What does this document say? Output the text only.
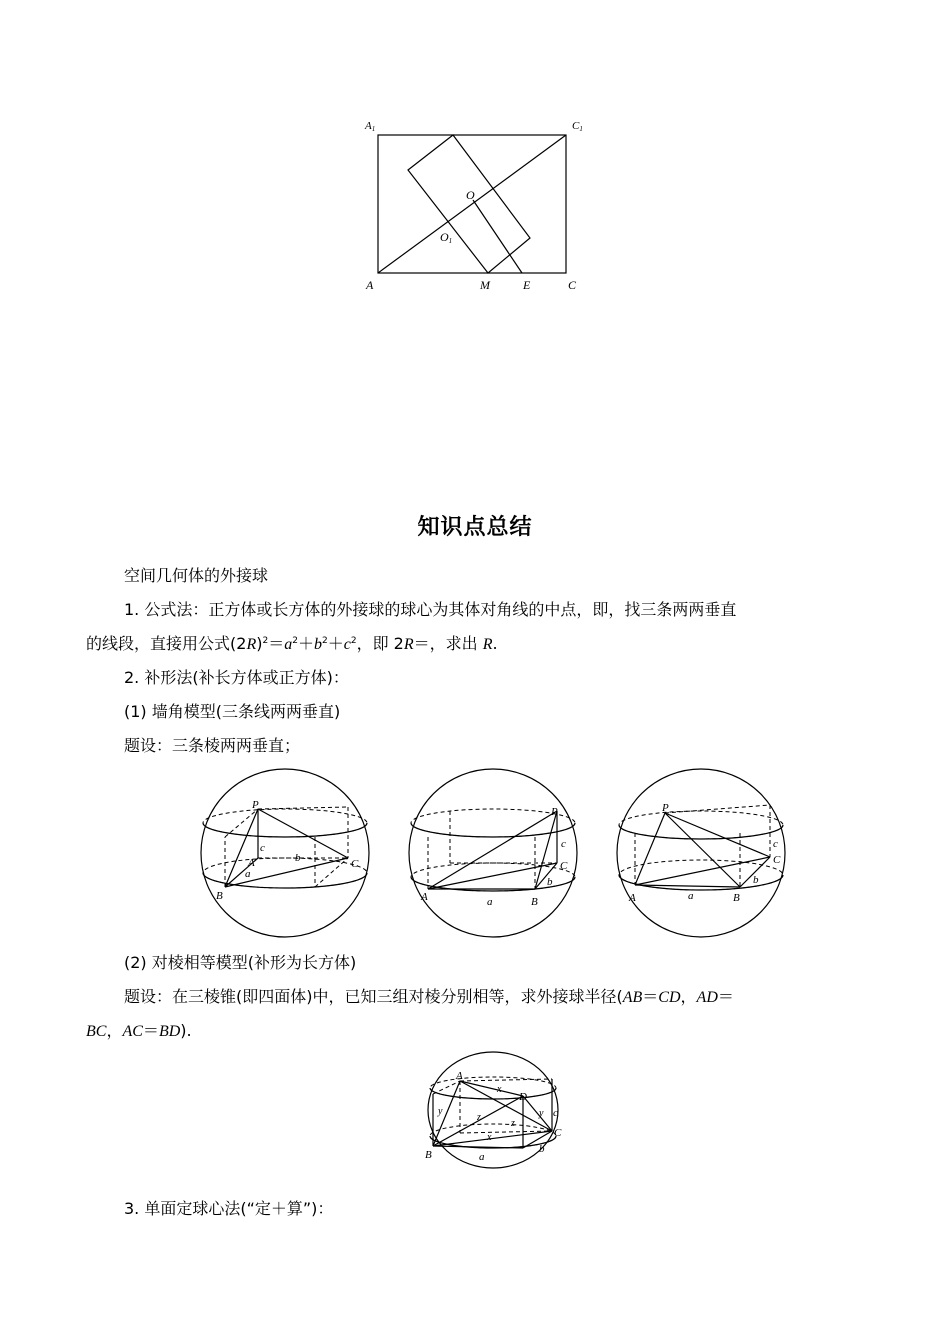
A1	C1
O
O1
A	M	E	C
知识点总结
空间几何体的外接球
1. 公式法：正方体或长方体的外接球的球心为其体对角线的中点，即，找三条两两垂直
的线段，直接用公式$(2R)^2=a^2+b^2+c^2$，即 2R＝，求出 R.
2. 补形法(补长方体或正方体)：
(1) 墙角模型(三条线两两垂直)
题设：三条棱两两垂直；
P
A
B
C
a
b
c
P
A	B
C
a
b
c
P
A	B
C
a
b
c
(2) 对棱相等模型(补形为长方体)
题设：在三棱锥(即四面体)中，已知三组对棱分别相等，求外接球半径(AB＝CD，AD＝
BC，AC＝BD).
A
B
C
D
x
x
y	y
z
z
a
b
c
3. 单面定球心法(“定＋算”)：
